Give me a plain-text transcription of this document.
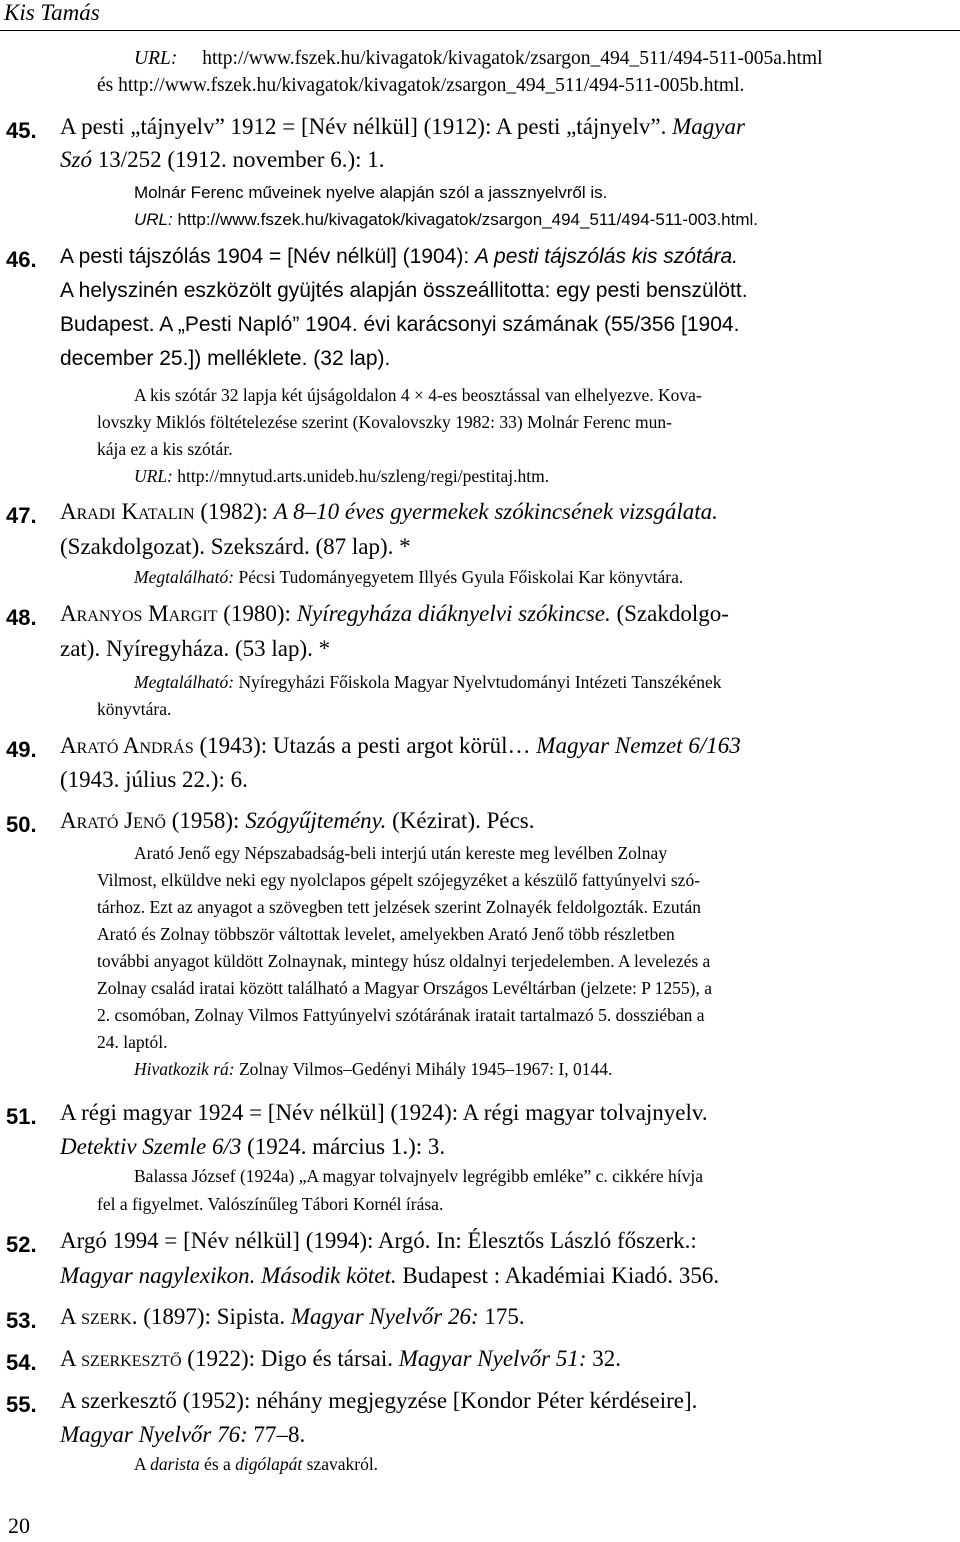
Kis Tamás
URL: http://www.fszek.hu/kivagatok/kivagatok/zsargon_494_511/494-511-005a.html
és http://www.fszek.hu/kivagatok/kivagatok/zsargon_494_511/494-511-005b.html.
45. A pesti „tájnyelv” 1912 = [Név nélkül] (1912): A pesti „tájnyelv”. Magyar
Szó 13/252 (1912. november 6.): 1.
Molnár Ferenc műveinek nyelve alapján szól a jassznyelvről is.
URL: http://www.fszek.hu/kivagatok/kivagatok/zsargon_494_511/494-511-003.html.
46. A pesti tájszólás 1904 = [Név nélkül] (1904): A pesti tájszólás kis szótára.
A helyszinén eszközölt gyüjtés alapján összeállitotta: egy pesti benszülött.
Budapest. A „Pesti Napló” 1904. évi karácsonyi számának (55/356 [1904.
december 25.]) melléklete. (32 lap).
A kis szótár 32 lapja két újságoldalon 4 × 4-es beosztással van elhelyezve. Kova-
lovszky Miklós föltételezése szerint (Kovalovszky 1982: 33) Molnár Ferenc mun-
kája ez a kis szótár.
URL: http://mnytud.arts.unideb.hu/szleng/regi/pestitaj.htm.
47. Aradi Katalin (1982): A 8–10 éves gyermekek szókincsének vizsgálata.
(Szakdolgozat). Szekszárd. (87 lap). *
Megtalálható: Pécsi Tudományegyetem Illyés Gyula Főiskolai Kar könyvtára.
48. Aranyos Margit (1980): Nyíregyháza diáknyelvi szókincse. (Szakdolgo-
zat). Nyíregyháza. (53 lap). *
Megtalálható: Nyíregyházi Főiskola Magyar Nyelvtudományi Intézeti Tanszékének
könyvtára.
49. Arató András (1943): Utazás a pesti argot körül… Magyar Nemzet 6/163
(1943. július 22.): 6.
50. Arató Jenő (1958): Szógyűjtemény. (Kézirat). Pécs.
Arató Jenő egy Népszabadság-beli interjú után kereste meg levélben Zolnay
Vilmost, elküldve neki egy nyolclapos gépelt szójegyzéket a készülő fattyúnyelvi szó-
tárhoz. Ezt az anyagot a szövegben tett jelzések szerint Zolnayék feldolgozták. Ezután
Arató és Zolnay többször váltottak levelet, amelyekben Arató Jenő több részletben
további anyagot küldött Zolnaynak, mintegy húsz oldalnyi terjedelemben. A levelezés a
Zolnay család iratai között található a Magyar Országos Levéltárban (jelzete: P 1255), a
2. csomóban, Zolnay Vilmos Fattyúnyelvi szótárának iratait tartalmazó 5. dossziéban a
24. laptól.
Hivatkozik rá: Zolnay Vilmos–Gedényi Mihály 1945–1967: I, 0144.
51. A régi magyar 1924 = [Név nélkül] (1924): A régi magyar tolvajnyelv.
Detektiv Szemle 6/3 (1924. március 1.): 3.
Balassa József (1924a) „A magyar tolvajnyelv legrégibb emléke” c. cikkére hívja
fel a figyelmet. Valószínűleg Tábori Kornél írása.
52. Argó 1994 = [Név nélkül] (1994): Argó. In: Élesztős László főszerk.:
Magyar nagylexikon. Második kötet. Budapest : Akadémiai Kiadó. 356.
53. A szerk. (1897): Sipista. Magyar Nyelvőr 26: 175.
54. A szerkesztő (1922): Digo és társai. Magyar Nyelvőr 51: 32.
55. A szerkesztő (1952): néhány megjegyzése [Kondor Péter kérdéseire].
Magyar Nyelvőr 76: 77–8.
A darista és a digólapát szavakról.
20
